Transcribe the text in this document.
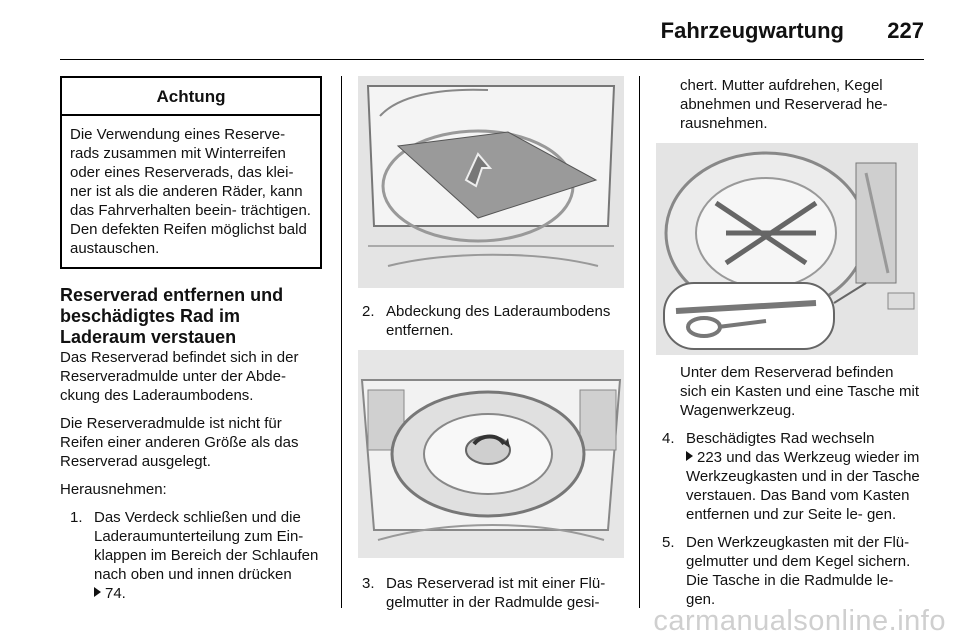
Fahrzeugwartung 227
Achtung
Die Verwendung eines Reserve- rads zusammen mit Winterreifen oder eines Reserverads, das klei- ner ist als die anderen Räder, kann das Fahrverhalten beein- trächtigen. Den defekten Reifen möglichst bald austauschen.
Reserverad entfernen und beschädigtes Rad im Laderaum verstauen

Das Reserverad befindet sich in der Reserveradmulde unter der Abde- ckung des Laderaumbodens.

Die Reserveradmulde ist nicht für Reifen einer anderen Größe als das Reserverad ausgelegt.

Herausnehmen:

1. Das Verdeck schließen und die Laderaumunterteilung zum Ein- klappen im Bereich der Schlaufen nach oben und innen drücken
74.
2. Abdeckung des Laderaumbodens entfernen.
3. Das Reserverad ist mit einer Flü- gelmutter in der Radmulde gesi-

chert. Mutter aufdrehen, Kegel abnehmen und Reserverad he- rausnehmen.

Unter dem Reserverad befinden sich ein Kasten und eine Tasche mit Wagenwerkzeug.

4. Beschädigtes Rad wechseln
223 und das Werkzeug wieder im Werkzeugkasten und in der Tasche verstauen. Das Band vom Kasten entfernen und zur Seite le- gen.
5. Den Werkzeugkasten mit der Flü- gelmutter und dem Kegel sichern. Die Tasche in die Radmulde le- gen.
carmanualsonline.info
